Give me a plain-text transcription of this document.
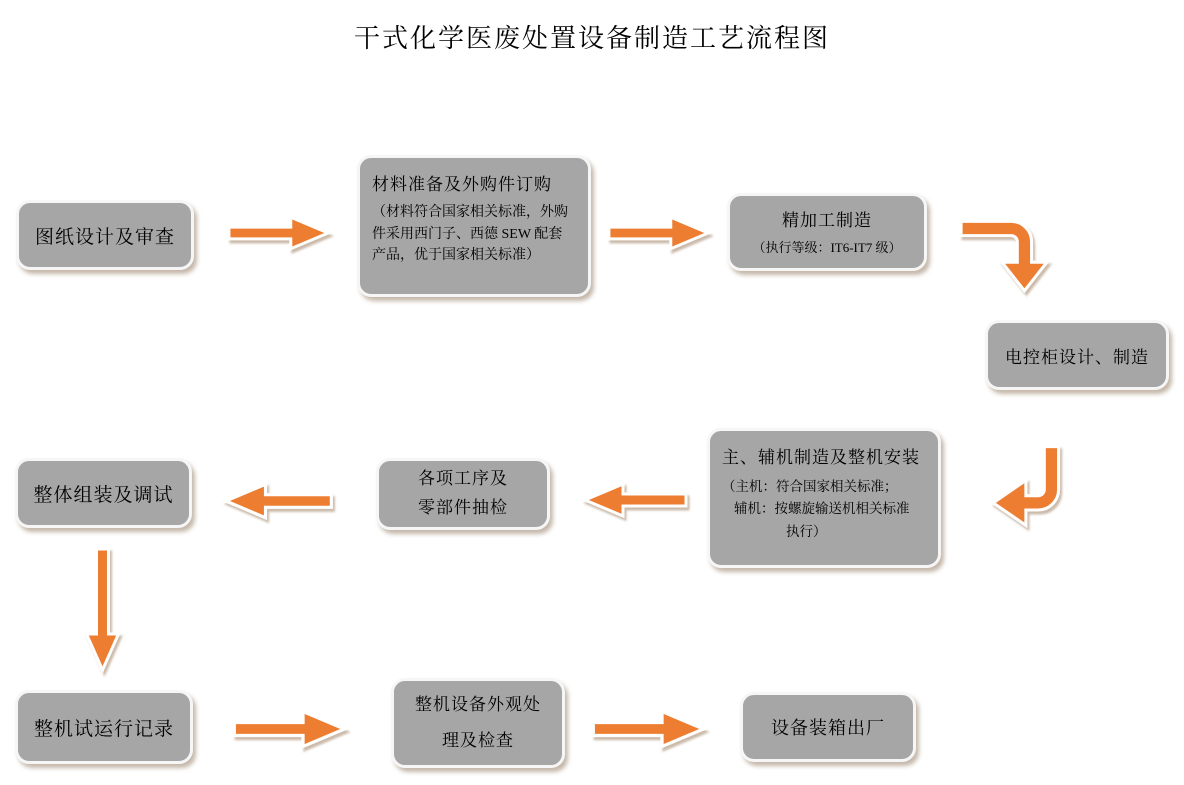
干式化学医废处置设备制造工艺流程图
图纸设计及审查
材料准备及外购件订购
（材料符合国家相关标准，外购件采用西门子、西德 SEW 配套产品，优于国家相关标准）
精加工制造
（执行等级：IT6-IT7 级）
电控柜设计、制造
主、辅机制造及整机安装
（主机：符合国家相关标准；
辅机：按螺旋输送机相关标准
执行）
各项工序及
零部件抽检
整体组装及调试
整机试运行记录
整机设备外观处
理及检查
设备装箱出厂
